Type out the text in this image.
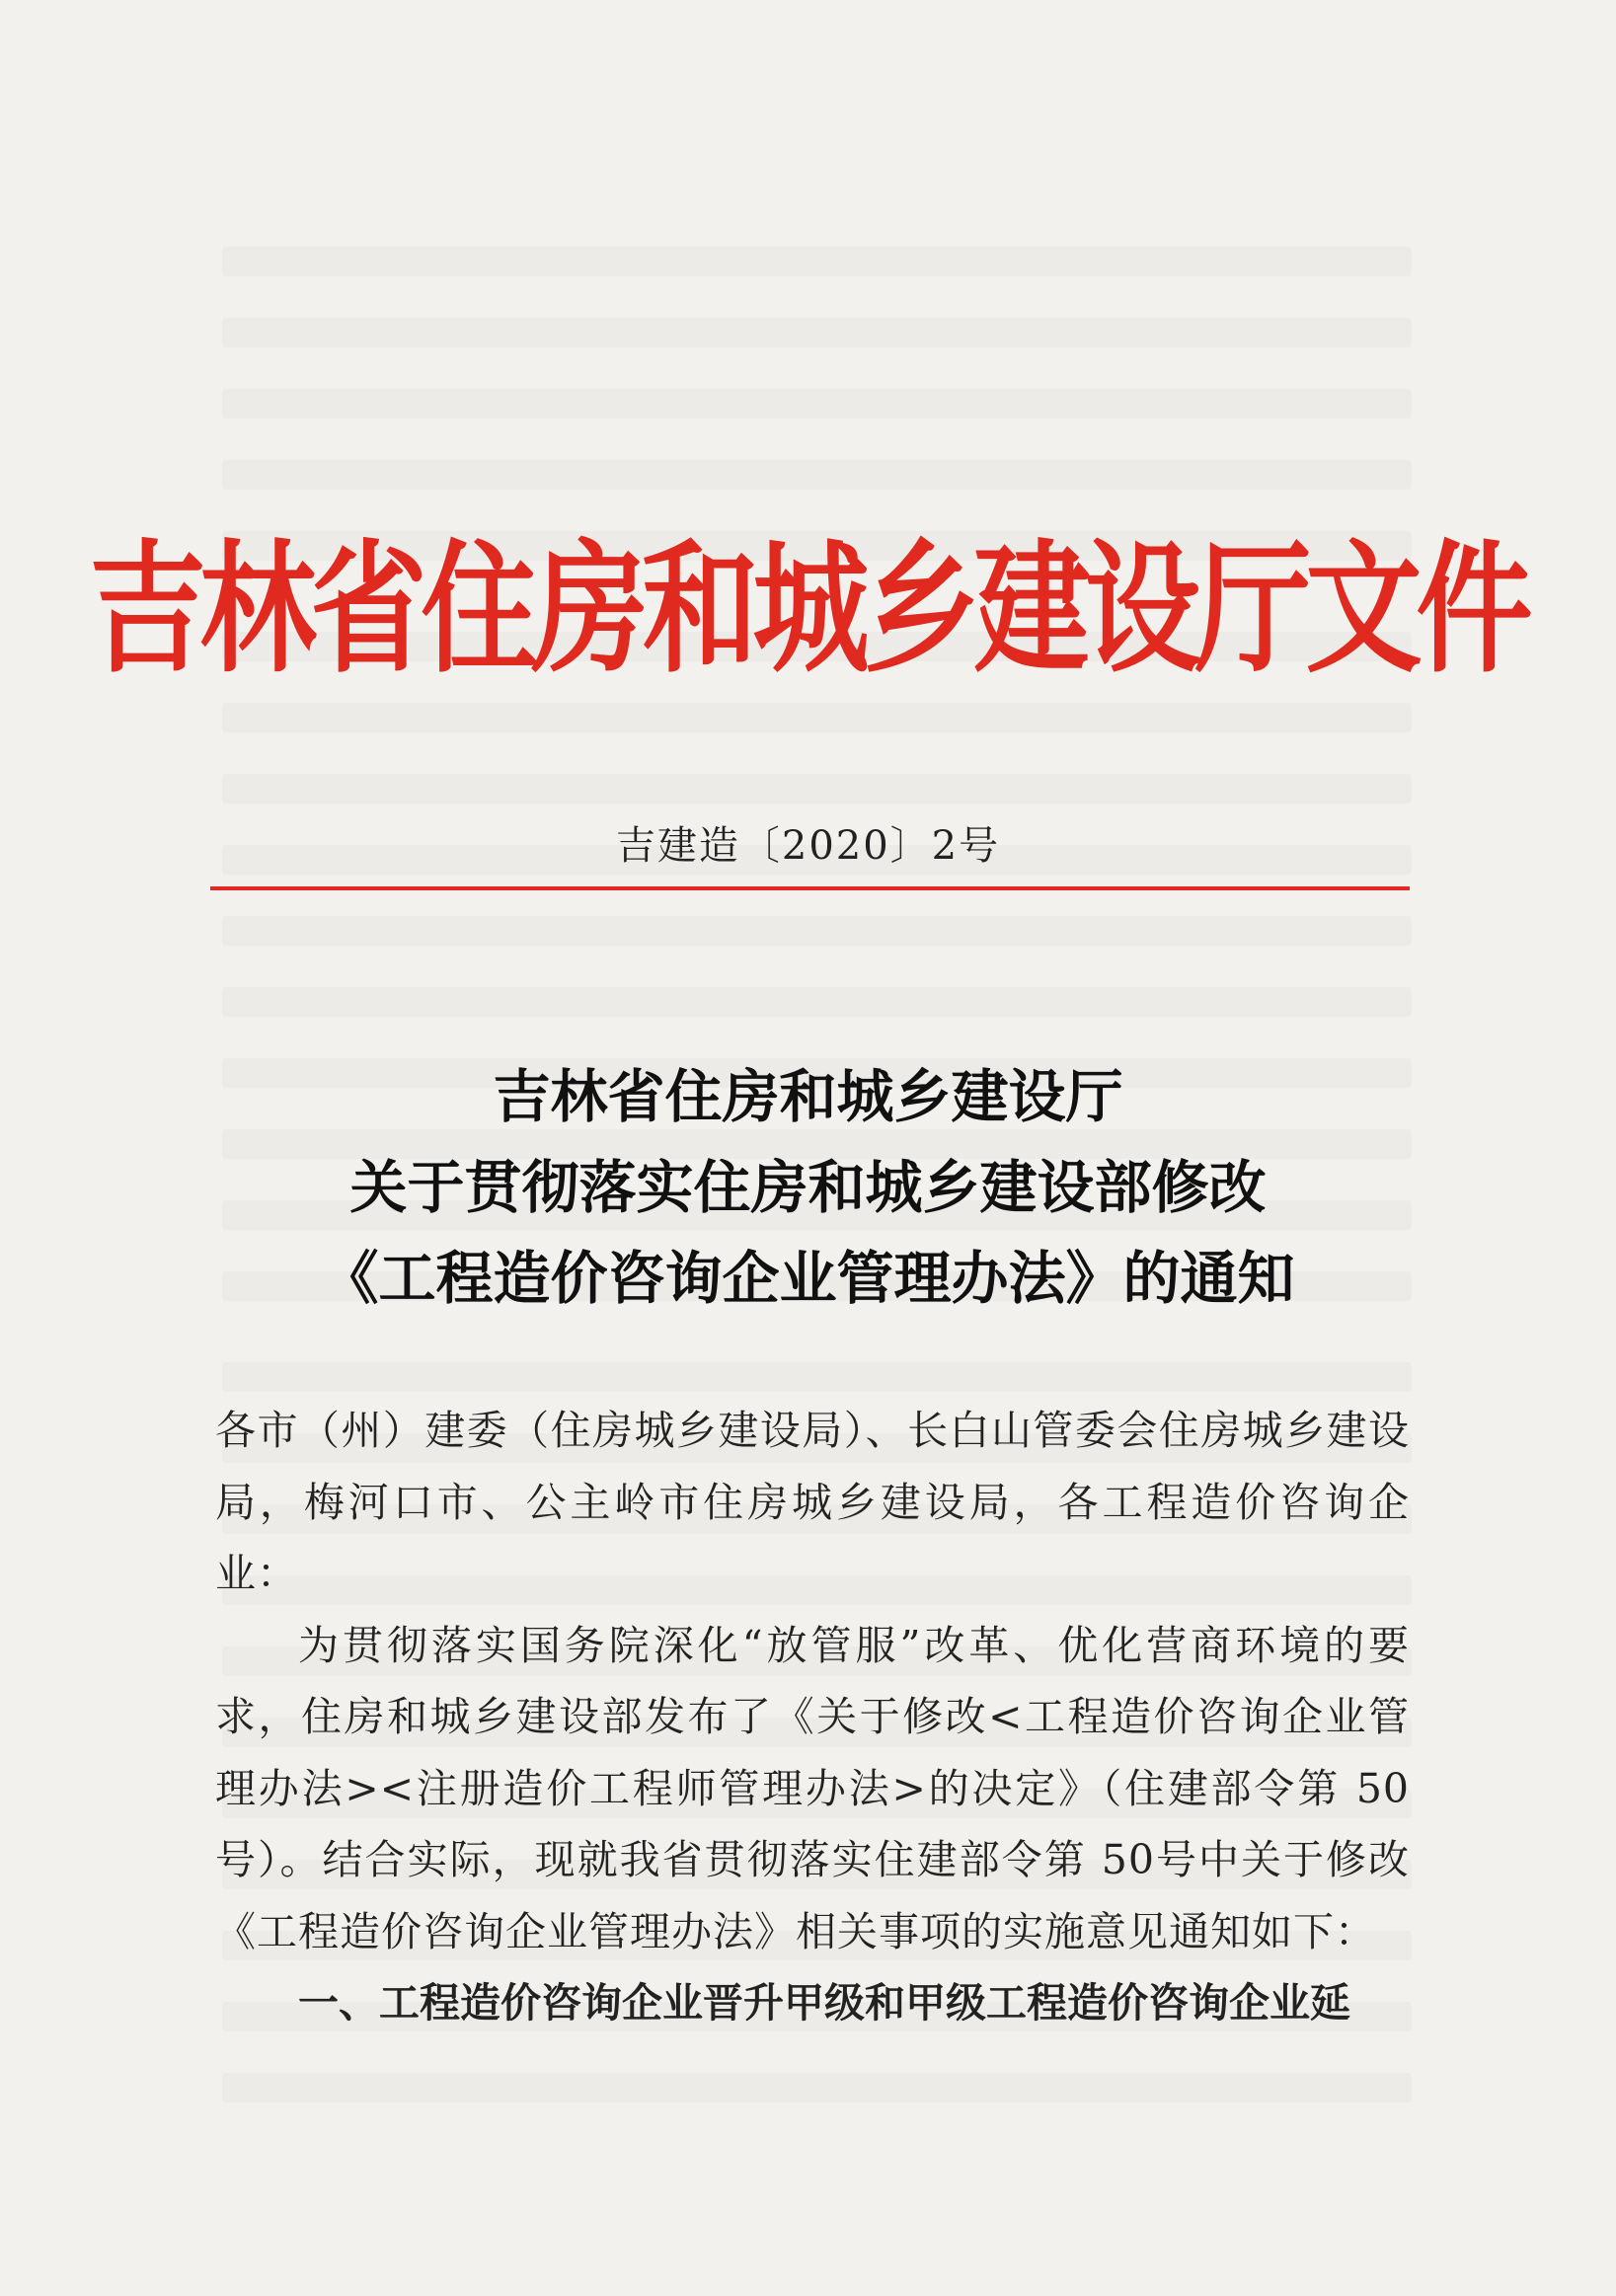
吉林省住房和城乡建设厅文件
吉建造〔2020〕2号
吉林省住房和城乡建设厅
关于贯彻落实住房和城乡建设部修改
《工程造价咨询企业管理办法》的通知

各市（州）建委（住房城乡建设局）、长白山管委会住房城乡建设局，梅河口市、公主岭市住房城乡建设局，各工程造价咨询企业：

为贯彻落实国务院深化“放管服”改革、优化营商环境的要求，住房和城乡建设部发布了《关于修改<工程造价咨询企业管理办法><注册造价工程师管理办法>的决定》（住建部令第 50号）。结合实际，现就我省贯彻落实住建部令第 50号中关于修改《工程造价咨询企业管理办法》相关事项的实施意见通知如下：

一、工程造价咨询企业晋升甲级和甲级工程造价咨询企业延
